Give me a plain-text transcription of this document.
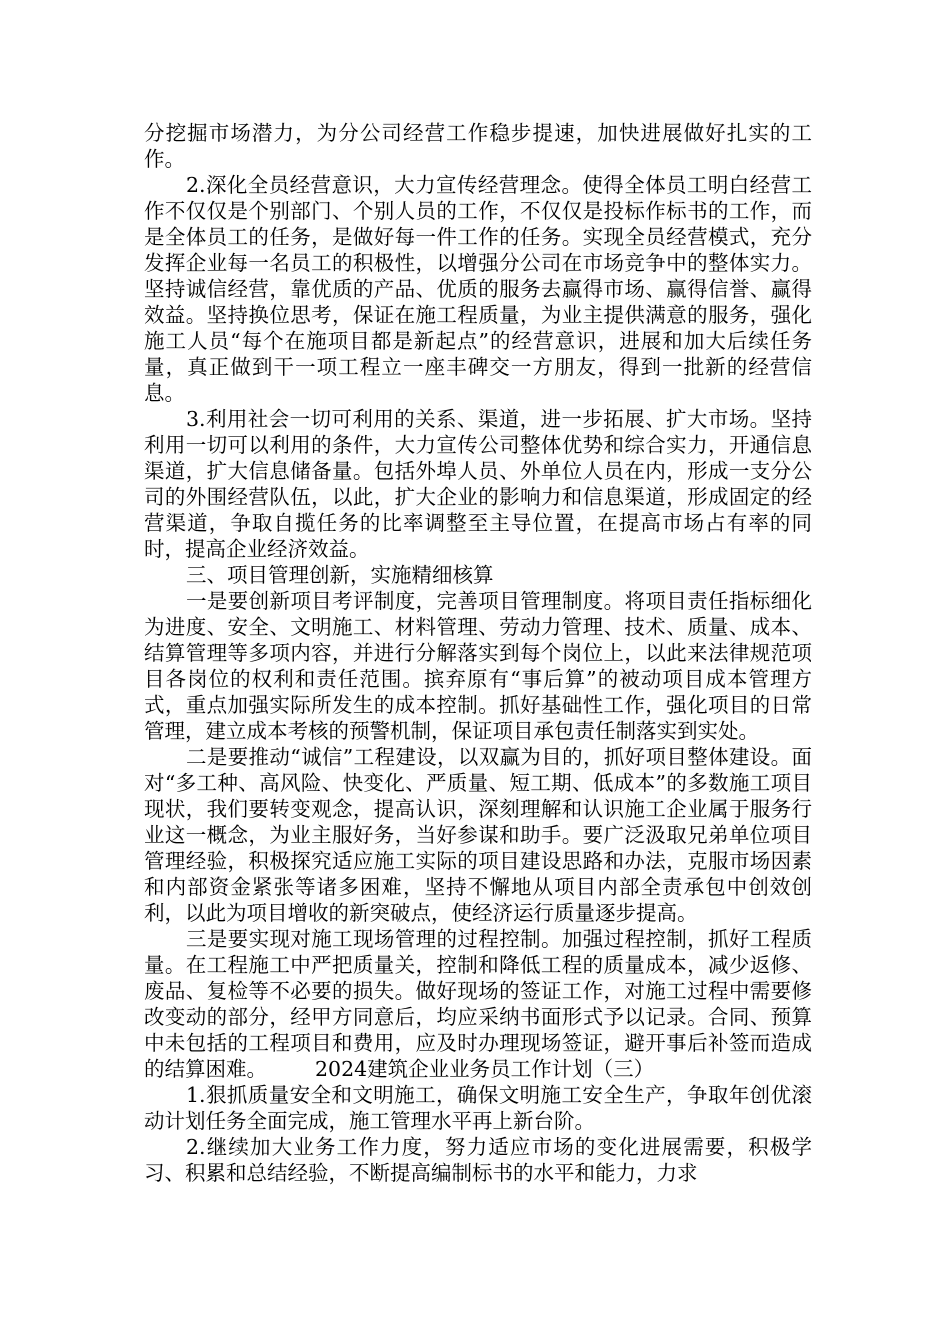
分挖掘市场潜力，为分公司经营工作稳步提速，加快进展做好扎实的工作。

2.深化全员经营意识，大力宣传经营理念。使得全体员工明白经营工作不仅仅是个别部门、个别人员的工作，不仅仅是投标作标书的工作，而是全体员工的任务，是做好每一件工作的任务。实现全员经营模式，充分发挥企业每一名员工的积极性，以增强分公司在市场竞争中的整体实力。坚持诚信经营，靠优质的产品、优质的服务去赢得市场、赢得信誉、赢得效益。坚持换位思考，保证在施工程质量，为业主提供满意的服务，强化施工人员“每个在施项目都是新起点”的经营意识，进展和加大后续任务量，真正做到干一项工程立一座丰碑交一方朋友，得到一批新的经营信息。

3.利用社会一切可利用的关系、渠道，进一步拓展、扩大市场。坚持利用一切可以利用的条件，大力宣传公司整体优势和综合实力，开通信息渠道，扩大信息储备量。包括外埠人员、外单位人员在内，形成一支分公司的外围经营队伍，以此，扩大企业的影响力和信息渠道，形成固定的经营渠道，争取自揽任务的比率调整至主导位置，在提高市场占有率的同时，提高企业经济效益。

三、项目管理创新，实施精细核算

一是要创新项目考评制度，完善项目管理制度。将项目责任指标细化为进度、安全、文明施工、材料管理、劳动力管理、技术、质量、成本、结算管理等多项内容，并进行分解落实到每个岗位上，以此来法律规范项目各岗位的权利和责任范围。摈弃原有“事后算”的被动项目成本管理方式，重点加强实际所发生的成本控制。抓好基础性工作，强化项目的日常管理，建立成本考核的预警机制，保证项目承包责任制落实到实处。

二是要推动“诚信”工程建设，以双赢为目的，抓好项目整体建设。面对“多工种、高风险、快变化、严质量、短工期、低成本”的多数施工项目现状，我们要转变观念，提高认识，深刻理解和认识施工企业属于服务行业这一概念，为业主服好务，当好参谋和助手。要广泛汲取兄弟单位项目管理经验，积极探究适应施工实际的项目建设思路和办法，克服市场因素和内部资金紧张等诸多困难，坚持不懈地从项目内部全责承包中创效创利，以此为项目增收的新突破点，使经济运行质量逐步提高。

三是要实现对施工现场管理的过程控制。加强过程控制，抓好工程质量。在工程施工中严把质量关，控制和降低工程的质量成本，减少返修、废品、复检等不必要的损失。做好现场的签证工作，对施工过程中需要修改变动的部分，经甲方同意后，均应采纳书面形式予以记录。合同、预算中未包括的工程项目和费用，应及时办理现场签证，避开事后补签而造成的结算困难。 2024建筑企业业务员工作计划（三）

1.狠抓质量安全和文明施工，确保文明施工安全生产，争取年创优滚动计划任务全面完成，施工管理水平再上新台阶。

2.继续加大业务工作力度，努力适应市场的变化进展需要，积极学习、积累和总结经验，不断提高编制标书的水平和能力，力求
